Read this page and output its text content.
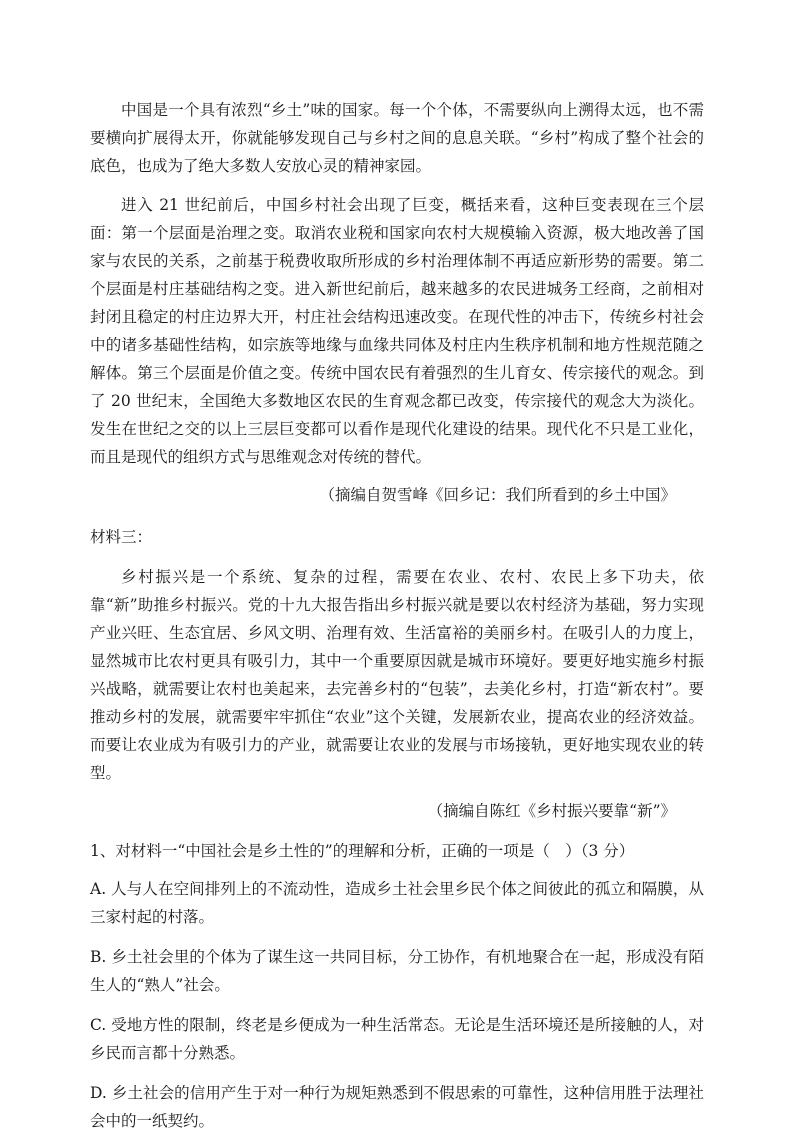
中国是一个具有浓烈“乡土”味的国家。每一个个体，不需要纵向上溯得太远，也不需要横向扩展得太开，你就能够发现自己与乡村之间的息息关联。“乡村”构成了整个社会的底色，也成为了绝大多数人安放心灵的精神家园。

进入 21 世纪前后，中国乡村社会出现了巨变，概括来看，这种巨变表现在三个层面：第一个层面是治理之变。取消农业税和国家向农村大规模输入资源，极大地改善了国家与农民的关系，之前基于税费收取所形成的乡村治理体制不再适应新形势的需要。第二个层面是村庄基础结构之变。进入新世纪前后，越来越多的农民进城务工经商，之前相对封闭且稳定的村庄边界大开，村庄社会结构迅速改变。在现代性的冲击下，传统乡村社会中的诸多基础性结构，如宗族等地缘与血缘共同体及村庄内生秩序机制和地方性规范随之解体。第三个层面是价值之变。传统中国农民有着强烈的生儿育女、传宗接代的观念。到了 20 世纪末，全国绝大多数地区农民的生育观念都已改变，传宗接代的观念大为淡化。发生在世纪之交的以上三层巨变都可以看作是现代化建设的结果。现代化不只是工业化，而且是现代的组织方式与思维观念对传统的替代。

（摘编自贺雪峰《回乡记：我们所看到的乡土中国》

材料三：

乡村振兴是一个系统、复杂的过程，需要在农业、农村、农民上多下功夫，依靠“新”助推乡村振兴。党的十九大报告指出乡村振兴就是要以农村经济为基础，努力实现产业兴旺、生态宜居、乡风文明、治理有效、生活富裕的美丽乡村。在吸引人的力度上，显然城市比农村更具有吸引力，其中一个重要原因就是城市环境好。要更好地实施乡村振兴战略，就需要让农村也美起来，去完善乡村的“包装”，去美化乡村，打造“新农村”。要推动乡村的发展，就需要牢牢抓住“农业”这个关键，发展新农业，提高农业的经济效益。而要让农业成为有吸引力的产业，就需要让农业的发展与市场接轨，更好地实现农业的转型。

（摘编自陈红《乡村振兴要靠“新”》

1、对材料一“中国社会是乡土性的”的理解和分析，正确的一项是（　）（3 分）

A. 人与人在空间排列上的不流动性，造成乡土社会里乡民个体之间彼此的孤立和隔膜，从三家村起的村落。

B. 乡土社会里的个体为了谋生这一共同目标，分工协作，有机地聚合在一起，形成没有陌生人的“熟人”社会。

C. 受地方性的限制，终老是乡便成为一种生活常态。无论是生活环境还是所接触的人，对乡民而言都十分熟悉。

D. 乡土社会的信用产生于对一种行为规矩熟悉到不假思索的可靠性，这种信用胜于法理社会中的一纸契约。
